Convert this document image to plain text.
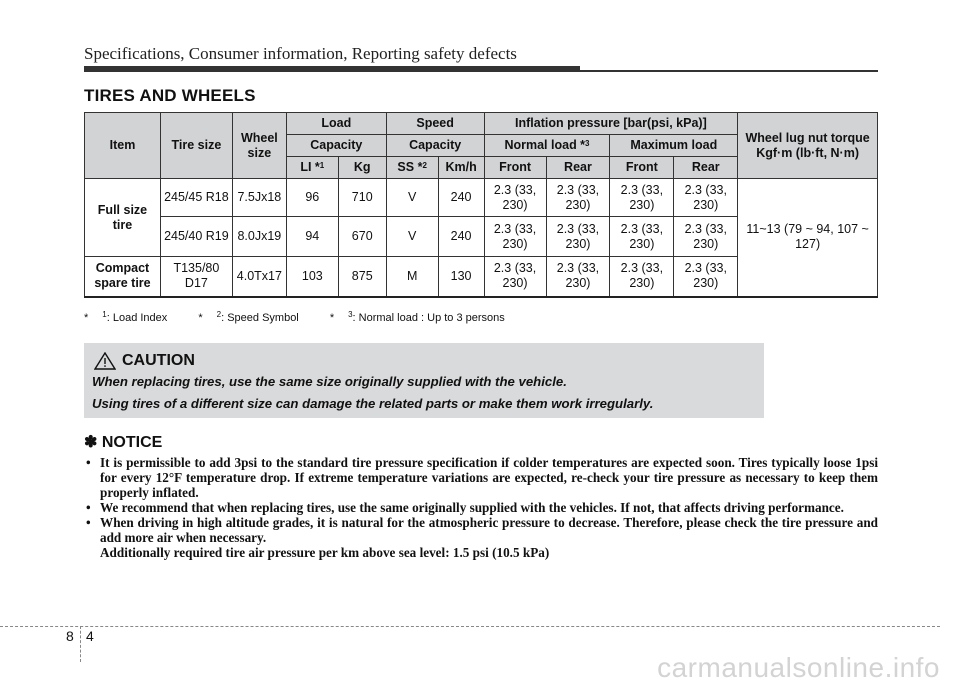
Specifications, Consumer information, Reporting safety defects
TIRES AND WHEELS
Item	Tire size	Wheel size	Load		Speed		Inflation pressure [bar(psi, kPa)]				Wheel lug nut torque Kgf·m (lb·ft, N·m)
			Capacity		Capacity		Normal load *$^3$		Maximum load		
			LI *$^1$	Kg	SS *$^2$	Km/h	Front	Rear	Front	Rear	
Full size tire	245/45 R18	7.5Jx18	96	710	V	240	2.3 (33, 230)	2.3 (33, 230)	2.3 (33, 230)	2.3 (33, 230)	11~13 (79 ~ 94, 107 ~ 127)
	245/40 R19	8.0Jx19	94	670	V	240	2.3 (33, 230)	2.3 (33, 230)	2.3 (33, 230)	2.3 (33, 230)	
Compact spare tire	T135/80 D17	4.0Tx17	103	875	M	130	2.3 (33, 230)	2.3 (33, 230)	2.3 (33, 230)	2.3 (33, 230)	
* $^1$: Load Index	* $^2$: Speed Symbol	* $^3$: Normal load : Up to 3 persons
CAUTION
When replacing tires, use the same size originally supplied with the vehicle.
Using tires of a different size can damage the related parts or make them work irregularly.
✽ NOTICE
• It is permissible to add 3psi to the standard tire pressure specification if colder temperatures are expected soon. Tires typically loose 1psi for every 12°F temperature drop. If extreme temperature variations are expected, re-check your tire pressure as necessary to keep them properly inflated.
• We recommend that when replacing tires, use the same originally supplied with the vehicles. If not, that affects driving performance.
• When driving in high altitude grades, it is natural for the atmospheric pressure to decrease. Therefore, please check the tire pressure and add more air when necessary.
Additionally required tire air pressure per km above sea level: 1.5 psi (10.5 kPa)
8 4
carmanualsonline.info
